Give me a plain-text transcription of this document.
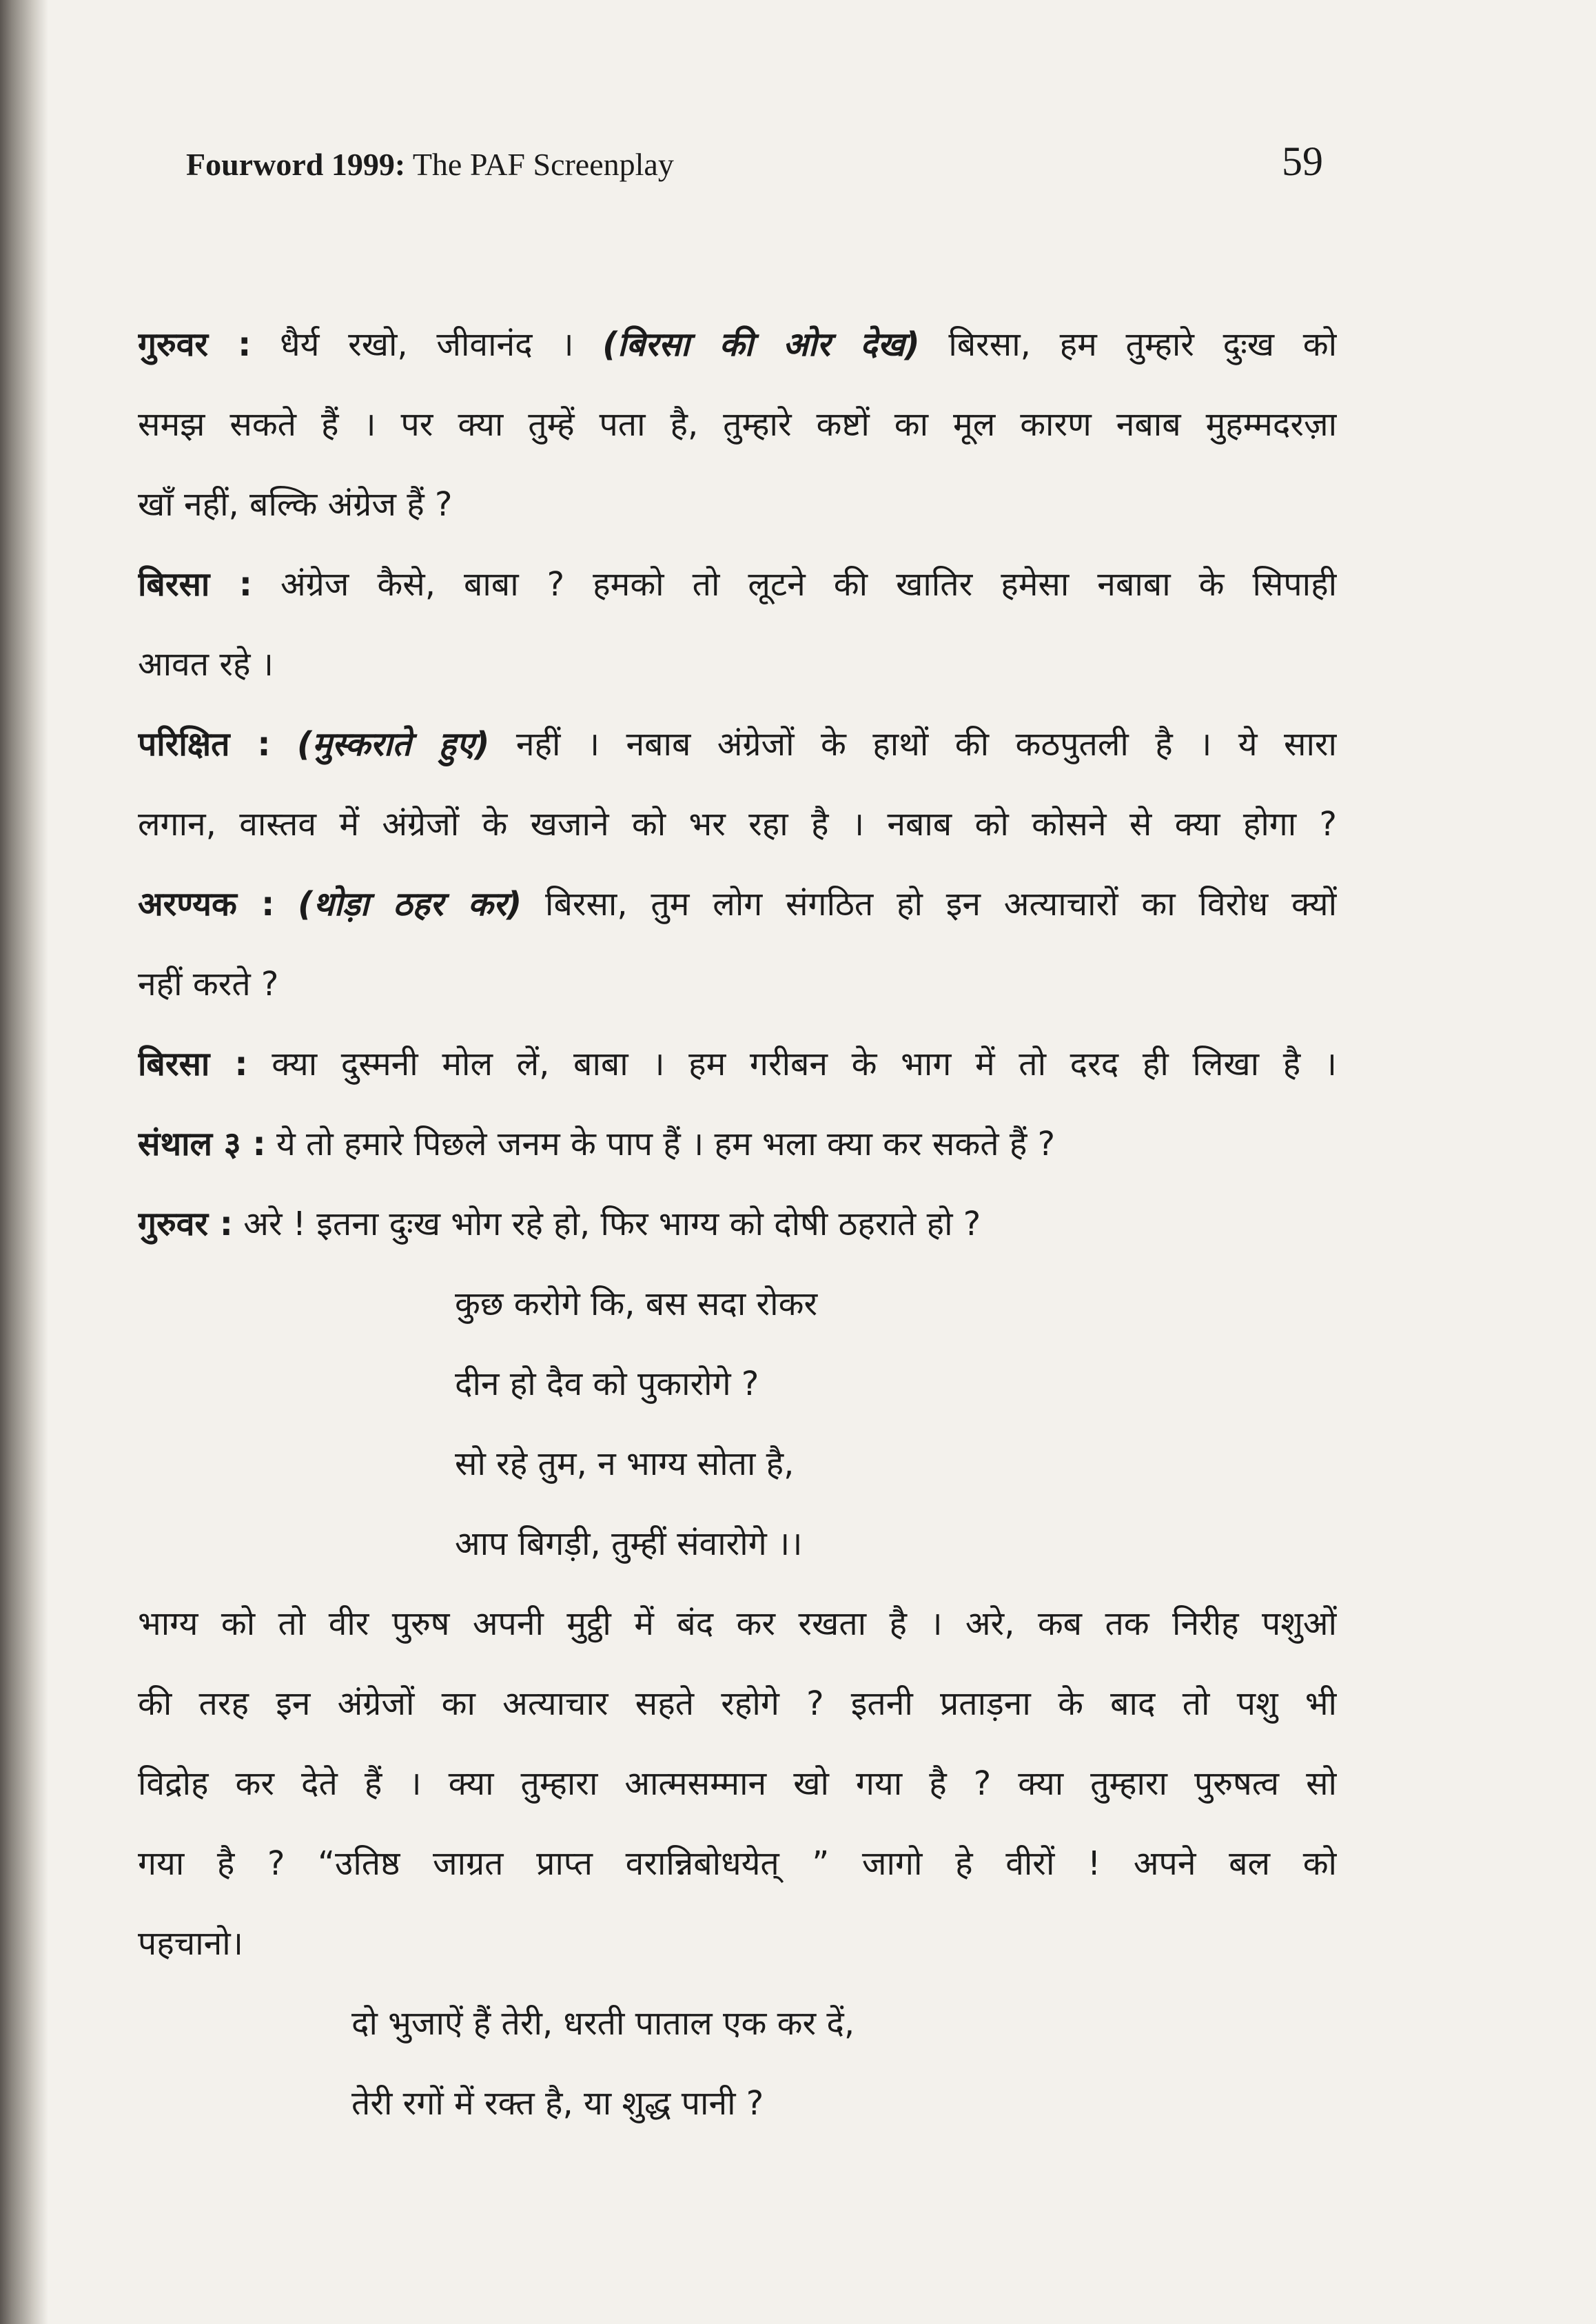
Fourword 1999: The PAF Screenplay	59
गुरुवर : धैर्य रखो, जीवानंद । (बिरसा की ओर देख) बिरसा, हम तुम्हारे दुःख को
समझ सकते हैं । पर क्या तुम्हें पता है, तुम्हारे कष्टों का मूल कारण नबाब मुहम्मदरज़ा
खाँ नहीं, बल्कि अंग्रेज हैं ?
बिरसा : अंग्रेज कैसे, बाबा ? हमको तो लूटने की खातिर हमेसा नबाबा के सिपाही
आवत रहे ।
परिक्षित : (मुस्कराते हुए) नहीं । नबाब अंग्रेजों के हाथों की कठपुतली है । ये सारा
लगान, वास्तव में अंग्रेजों के खजाने को भर रहा है । नबाब को कोसने से क्या होगा ?
अरण्यक : (थोड़ा ठहर कर) बिरसा, तुम लोग संगठित हो इन अत्याचारों का विरोध क्यों
नहीं करते ?
बिरसा : क्या दुस्मनी मोल लें, बाबा । हम गरीबन के भाग में तो दरद ही लिखा है ।
संथाल ३ : ये तो हमारे पिछले जनम के पाप हैं । हम भला क्या कर सकते हैं ?
गुरुवर : अरे ! इतना दुःख भोग रहे हो, फिर भाग्य को दोषी ठहराते हो ?
कुछ करोगे कि, बस सदा रोकर
दीन हो दैव को पुकारोगे ?
सो रहे तुम, न भाग्य सोता है,
आप बिगड़ी, तुम्हीं संवारोगे ।।
भाग्य को तो वीर पुरुष अपनी मुट्ठी में बंद कर रखता है । अरे, कब तक निरीह पशुओं
की तरह इन अंग्रेजों का अत्याचार सहते रहोगे ? इतनी प्रताड़ना के बाद तो पशु भी
विद्रोह कर देते हैं । क्या तुम्हारा आत्मसम्मान खो गया है ? क्या तुम्हारा पुरुषत्व सो
गया है ? “उतिष्ठ जाग्रत प्राप्त वरान्निबोधयेत् ” जागो हे वीरों ! अपने बल को
पहचानो।
दो भुजाऐं हैं तेरी, धरती पाताल एक कर दें,
तेरी रगों में रक्त है, या शुद्ध पानी ?
